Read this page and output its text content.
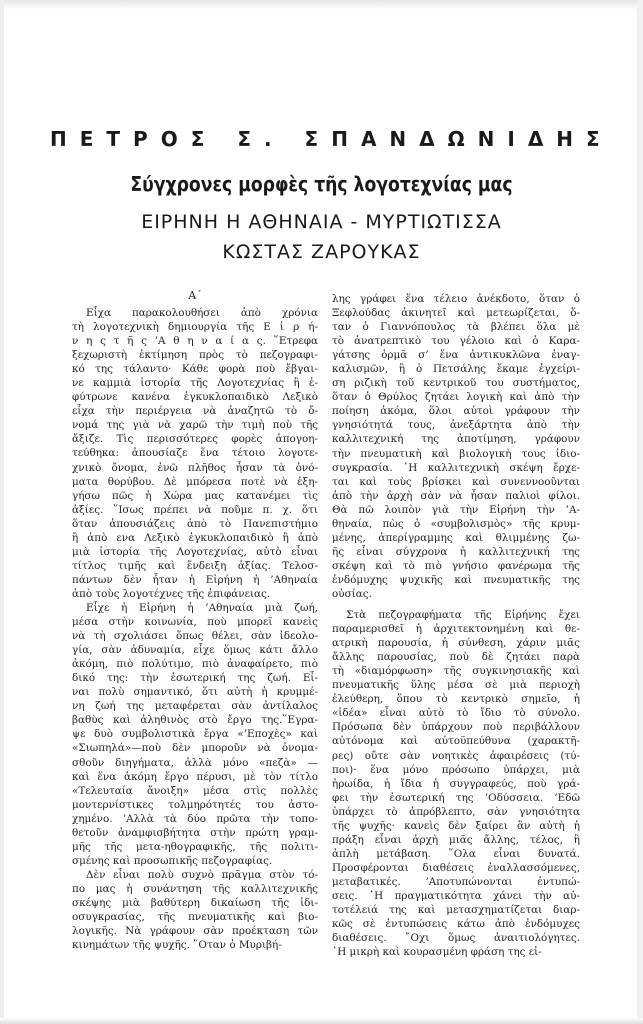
ΠΕΤΡΟΣ Σ. ΣΠΑΝΔΩΝΙΔΗΣ
Σύγχρονες μορφὲς τῆς λογοτεχνίας μας
ΕΙΡΗΝΗ Η ΑΘΗΝΑΙΑ - ΜΥΡΤΙΩΤΙΣΣΑ
ΚΩΣΤΑΣ ΖΑΡΟΥΚΑΣ
Α΄
Εἶχα παρακολουθήσει ἀπὸ χρόνια
τὴ λογοτεχνικὴ δημιουργία τῆς Ε ἰ ρ ή-
ν η ς τ ῆ ς ’Α θ η ν α ί α ς. ῞Ετρεφα
ξεχωριστὴ ἐκτίμηση πρὸς τὸ πεζογραφι-
κό της τάλαντο· Κάθε φορὰ ποὺ ἔβγαι-
νε καμμιὰ ἱστορία τῆς Λογοτεχνίας ἢ ἐ-
φύτρωνε κανένα ἐγκυκλοπαιδικὸ Λεξικὸ
εἶχα τὴν περιέργεια νὰ ἀναζητῶ τὸ ὄ-
νομά της γιὰ νὰ χαρῶ τὴν τιμὴ ποὺ τῆς
ἄξιζε. Τὶς περισσότερες φορὲς ἀπογοη-
τεύθηκα: ἀπουσίαζε ἕνα τέτοιο λογοτε-
χνικὸ ὄνομα, ἐνῶ πλῆθος ἦσαν τὰ ὀνό-
ματα θορύβου. Δὲ μπόρεσα ποτὲ νὰ ἐξη-
γήσω πῶς ἡ Χώρα μας κατανέμει τὶς
ἀξίες. ῞Ισως πρέπει νὰ ποῦμε π. χ. ὅτι
ὅταν ἀπουσιάζεις ἀπὸ τὸ Πανεπιστήμιο
ἢ ἀπὸ ενα Λεξικὸ ἐγκυκλοπαιδικὸ ἢ ἀπὸ
μιὰ ἱστορία τῆς Λογοτεχνίας, αὐτὸ εἶναι
τίτλος τιμῆς καὶ ἔνδειξη ἀξίας. Τελοσ-
πάντων δὲν ἦταν ἡ Εἰρήνη ἡ ’Αθηναία
ἀπὸ τοὺς λογοτέχνες τῆς ἐπιφάνειας.
Εἶχε ἡ Εἰρήνη ἡ ’Αθηναία μιὰ ζωή,
μέσα στὴν κοινωνία, ποὺ μπορεῖ κανεὶς
νὰ τὴ σχολιάσει ὅπως θέλει, σὰν ἰδεολο-
γία, σὰν ἀδυναμία, εἶχε ὅμως κάτι ἄλλο
ἀκόμη, πιὸ πολύτιμο, πιὸ ἀναφαίρετο, πιὸ
δικό της: τὴν ἐσωτερική της ζωή. Εἶ-
ναι πολὺ σημαντικό, ὅτι αὐτὴ ἡ κρυμμέ-
νη ζωή της μεταφέρεται σὰν ἀντίλαλος
βαθὺς καὶ ἀληθινὸς στὸ ἔργο της.῞Εγρα-
ψε δυὸ συμβολιστικὰ ἔργα «’Εποχὲς» καὶ
«Σιωπηλά»—ποὺ δὲν μποροῦν νὰ ὀνομα-
σθοῦν διηγήματα, ἀλλὰ μόνο «πεζὰ» —
καὶ ἕνα ἀκόμη ἔργο πέρυσι, μὲ τὸν τίτλο
«Τελευταία ἄνοιξη» μέσα στὶς πολλὲς
μοντερνίστικες τολμηρότητές του ἀστο-
χημένο. ’Αλλὰ τὰ δύο πρῶτα τὴν τοπο-
θετοῦν ἀναμφισβήτητα στὴν πρώτη γραμ-
μῆς τῆς μετα-ηθογραφικῆς, τῆς πολιτι-
σμένης καὶ προσωπικῆς πεζογραφίας.
Δὲν εἶναι πολὺ συχνὸ πρᾶγμα στὸν τό-
πο μας ἡ συνάντηση τῆς καλλιτεχνικῆς
σκέψης μιὰ βαθύτερη δικαίωση τῆς ἰδι-
οσυγκρασίας, τῆς πνευματικῆς καὶ βιο-
λογικῆς. Νὰ γράφουν σὰν προέκταση τῶν
κινημάτων τῆς ψυχῆς. ῞Οταν ὁ Μυριβή-
λης γράφει ἕνα τέλειο ἀνέκδοτο, ὅταν ὁ
Ξεφλούδας ἀκινητεῖ καὶ μετεωρίζεται, ὅ-
ταν ὁ Γιαννόπουλος τὰ βλέπει ὅλα μὲ
τὸ ἀνατρεπτικὸ του γέλοιο καὶ ὁ Καρα-
γάτσης ὁρμᾶ σ’ ἕνα ἀντικυκλῶνα ἐναγ-
καλισμῶν, ἢ ὁ Πετσάλης ἔκαμε ἐγχείρι-
ση ριζικὴ τοῦ κεντρικοῦ του συστήματος,
ὅταν ὁ Θρύλος ζητάει λογικὴ καὶ ἀπὸ τὴν
ποίηση ἀκόμα, ὅλοι αὐτοὶ γράφουν τὴν
γνησιότητά τους, ἀνεξάρτητα ἀπὸ τὴν
καλλιτεχνική της ἀποτίμηση, γράφουν
τὴν πνευματικὴ καὶ βιολογικὴ τους ἰδιο-
συγκρασία. ῾Η καλλιτεχνικὴ σκέψη ἔρχε-
ται καὶ τοὺς βρίσκει καὶ συνεννοοῦνται
ἀπὸ τὴν ἀρχὴ σὰν νὰ ἦσαν παλιοὶ φίλοι.
Θὰ πῶ λοιπὸν γιὰ τὴν Εἰρήνη τὴν ’Α-
θηναία, πὼς ὁ «συμβολισμὸς» τῆς κρυμ-
μένης, ἀπερίγραμμης καὶ θλιμμένης ζω-
ῆς εἶναι σύγχρονα ἡ καλλιτεχνική της
σκέψη καὶ τὸ πιὸ γνήσιο φανέρωμα τῆς
ἐνδόμυχης ψυχικῆς καὶ πνευματικῆς της
οὐσίας.
Στὰ πεζογραφήματα τῆς Εἰρήνης ἔχει
παραμερισθεῖ ἡ ἀρχιτεκτονημένη καὶ θε-
ατρικὴ παρουσία, ἡ σύνθεση, χάριν μιᾶς
ἄλλης παρουσίας, ποὺ δὲ ζητάει παρὰ
τὴ «διαμόρφωση» τῆς συγκινησιακῆς καὶ
πνευματικῆς ὕλης μέσα σὲ μιὰ περιοχὴ
ἐλεύθερη, ὅπου τὸ κεντρικὸ σημεῖο, ἡ
«ἰδέα» εἶναι αὐτὸ τὸ ἴδιο τὸ σύνολο.
Πρόσωπα δὲν ὑπάρχουν ποὺ περιβάλλουν
αὐτόνομα καὶ αὐτοϋπεύθυνα (χαρακτῆ-
ρες) οὔτε σὰν νοητικὲς ἀφαιρέσεις (τύ-
ποι)· ἕνα μόνο πρόσωπο ὑπάρχει, μιὰ
ἡρωίδα, ἡ ἴδια ἡ συγγραφεύς, ποὺ γρά-
φει τὴν ἐσωτερική της ’Οδύσσεια. ’Εδῶ
ὑπάρχει τὸ ἀπρόβλεπτο, σὰν γνησιότητα
τῆς ψυχῆς· κανεὶς δὲν ξαίρει ἂν αὐτὴ ἡ
πράξη εἶναι ἀρχὴ μιᾶς ἄλλης, τέλος, ἢ
ἁπλὴ μετάβαση. ῞Ολα εἶναι δυνατά.
Προσφέρονται διαθέσεις ἐναλλασσόμενες,
μεταβατικές. ’Αποτυπώνονται ἐντυπώ-
σεις. ῾Η πραγματικότητα χάνει τὴν αὐ-
τοτέλειά της καὶ μετασχηματίζεται διαρ-
κῶς σὲ ἐντυπώσεις κάτω ἀπὸ ἐνδόμυχες
διαθέσεις. ῎Οχι ὅμως ἀναιτιολόγητες.
῾Η μικρὴ καὶ κουρασμένη φράση της εἰ-
